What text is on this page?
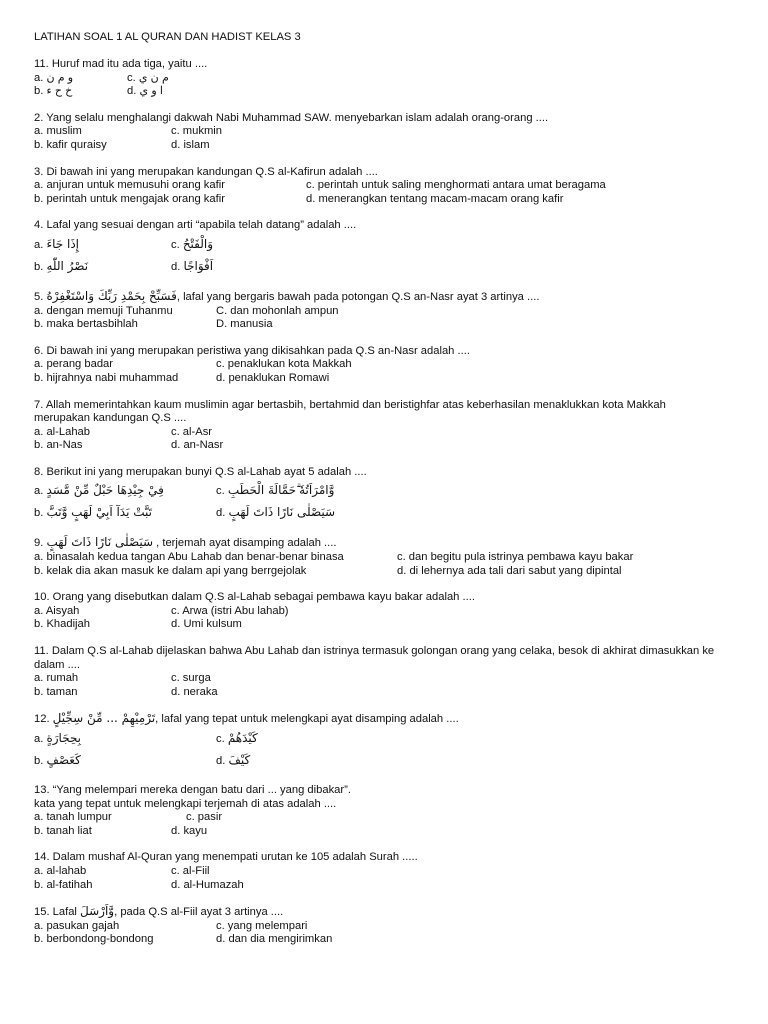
LATIHAN SOAL 1 AL QURAN DAN HADIST KELAS 3
11. Huruf mad itu ada tiga, yaitu ....
a. و م ن	c. م ن ي
b. خ ح ء	d. ا و ي
2. Yang selalu menghalangi dakwah Nabi Muhammad SAW. menyebarkan islam adalah orang-orang ....
a. muslim	c. mukmin
b. kafir quraisy	d. islam
3. Di bawah ini yang merupakan kandungan Q.S al-Kafirun adalah ....
a. anjuran untuk memusuhi orang kafir	c. perintah untuk saling menghormati antara umat beragama
b. perintah untuk mengajak orang kafir	d. menerangkan tentang macam-macam orang kafir
4. Lafal yang sesuai dengan arti “apabila telah datang” adalah ....
a. إِذَا جَاءَ	c. وَالْفَتْحُ
b. نَصْرُ اللّٰهِ	d. اَفْوَاجًا
5. فَسَبِّحْ بِحَمْدِ رَبِّكَ وَاسْتَغْفِرْهُ, lafal yang bergaris bawah pada potongan Q.S an-Nasr ayat 3 artinya ....
a. dengan memuji Tuhanmu	C. dan mohonlah ampun
b. maka bertasbihlah	D. manusia
6. Di bawah ini yang merupakan peristiwa yang dikisahkan pada Q.S an-Nasr adalah ....
a. perang badar	c. penaklukan kota Makkah
b. hijrahnya nabi muhammad	d. penaklukan Romawi
7. Allah memerintahkan kaum muslimin agar bertasbih, bertahmid dan beristighfar atas keberhasilan menaklukkan kota Makkah
merupakan kandungan Q.S ....
a. al-Lahab	c. al-Asr
b. an-Nas	d. an-Nasr
8. Berikut ini yang merupakan bunyi Q.S al-Lahab ayat 5 adalah ....
a. فِيْ جِيْدِهَا حَبْلٌ مِّنْ مَّسَدٍ	c. وَّامْرَاَتُهٗ ۗحَمَّالَةَ الْحَطَبِ
b. تَبَّتْ يَدَآ اَبِيْ لَهَبٍ وَّتَبَّ	d. سَيَصْلٰى نَارًا ذَاتَ لَهَبٍ
9. سَيَصْلٰى نَارًا ذَاتَ لَهَبٍ , terjemah ayat disamping adalah ....
a. binasalah kedua tangan Abu Lahab dan benar-benar binasa	c. dan begitu pula istrinya pembawa kayu bakar
b. kelak dia akan masuk ke dalam api yang berrgejolak	d. di lehernya ada tali dari sabut yang dipintal
10. Orang yang disebutkan dalam Q.S al-Lahab sebagai pembawa kayu bakar adalah ....
a. Aisyah	c. Arwa (istri Abu lahab)
b. Khadijah	d. Umi kulsum
11. Dalam Q.S al-Lahab dijelaskan bahwa Abu Lahab dan istrinya termasuk golongan orang yang celaka, besok di akhirat dimasukkan ke
dalam ....
a. rumah	c. surga
b. taman	d. neraka
12. تَرْمِيْهِمْ ... مِّنْ سِجِّيْلٍ, lafal yang tepat untuk melengkapi ayat disamping adalah ....
a. بِحِجَارَةٍ	c. كَيْدَهُمْ
b. كَعَصْفٍ	d. كَيْفَ
13. “Yang melempari mereka dengan batu dari ... yang dibakar”.
kata yang tepat untuk melengkapi terjemah di atas adalah ....
a. tanah lumpur	c. pasir
b. tanah liat	d. kayu
14. Dalam mushaf Al-Quran yang menempati urutan ke 105 adalah Surah .....
a. al-lahab	c. al-Fiil
b. al-fatihah	d. al-Humazah
15. Lafal وَّاَرْسَلَ, pada Q.S al-Fiil ayat 3 artinya ....
a. pasukan gajah	c. yang melempari
b. berbondong-bondong	d. dan dia mengirimkan
